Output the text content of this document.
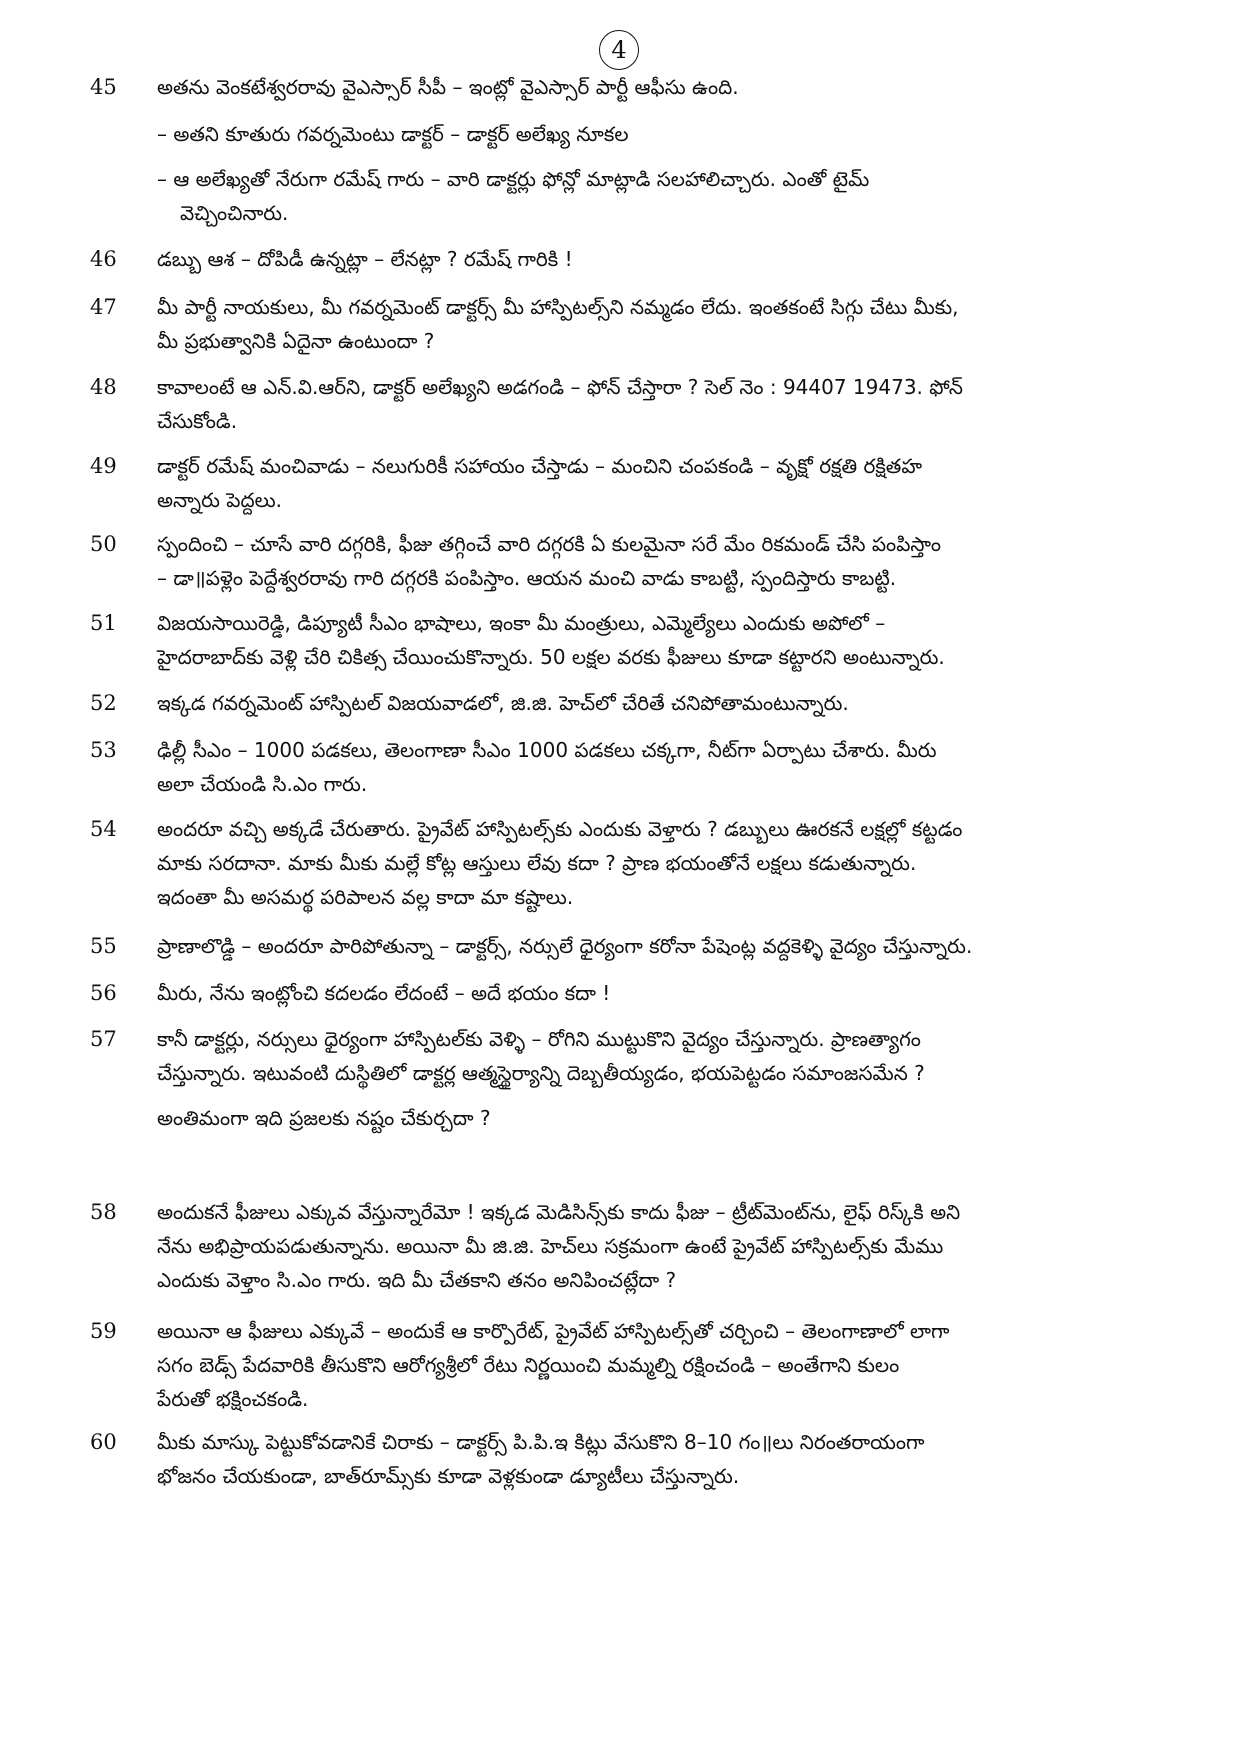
4
45	అతను వెంకటేశ్వరరావు వైఎస్సార్ సీపీ – ఇంట్లో వైఎస్సార్ పార్టీ ఆఫీసు ఉంది.
– అతని కూతురు గవర్నమెంటు డాక్టర్ – డాక్టర్ అలేఖ్య నూకల
– ఆ అలేఖ్యతో నేరుగా రమేష్ గారు – వారి డాక్టర్లు ఫోన్లో మాట్లాడి సలహాలిచ్చారు. ఎంతో టైమ్
వెచ్చించినారు.
46	డబ్బు ఆశ – దోపిడీ ఉన్నట్లా – లేనట్లా ? రమేష్ గారికి !
47	మీ పార్టీ నాయకులు, మీ గవర్నమెంట్ డాక్టర్స్ మీ హాస్పిటల్స్‌ని నమ్మడం లేదు. ఇంతకంటే సిగ్గు చేటు మీకు,
మీ ప్రభుత్వానికి ఏదైనా ఉంటుందా ?
48	కావాలంటే ఆ ఎన్.వి.ఆర్‌ని, డాక్టర్ అలేఖ్యని అడగండి – ఫోన్ చేస్తారా ? సెల్ నెం : 94407 19473. ఫోన్
చేసుకోండి.
49	డాక్టర్ రమేష్ మంచివాడు – నలుగురికీ సహాయం చేస్తాడు – మంచిని చంపకండి – వృక్షో రక్షతి రక్షితహ
అన్నారు పెద్దలు.
50	స్పందించి – చూసే వారి దగ్గరికి, ఫీజు తగ్గించే వారి దగ్గరకి ఏ కులమైనా సరే మేం రికమండ్ చేసి పంపిస్తాం
– డా॥పళ్లెం పెద్దేశ్వరరావు గారి దగ్గరకి పంపిస్తాం. ఆయన మంచి వాడు కాబట్టి, స్పందిస్తారు కాబట్టి.
51	విజయసాయిరెడ్డి, డిప్యూటీ సీఎం భాషాలు, ఇంకా మీ మంత్రులు, ఎమ్మెల్యేలు ఎందుకు అపోలో –
హైదరాబాద్‌కు వెళ్లి చేరి చికిత్స చేయించుకొన్నారు. 50 లక్షల వరకు ఫీజులు కూడా కట్టారని అంటున్నారు.
52	ఇక్కడ గవర్నమెంట్ హాస్పిటల్ విజయవాడలో, జి.జి. హెచ్‌లో చేరితే చనిపోతామంటున్నారు.
53	ఢిల్లీ సీఎం – 1000 పడకలు, తెలంగాణా సీఎం 1000 పడకలు చక్కగా, నీట్‌గా ఏర్పాటు చేశారు. మీరు
అలా చేయండి సి.ఎం గారు.
54	అందరూ వచ్చి అక్కడే చేరుతారు. ప్రైవేట్ హాస్పిటల్స్‌కు ఎందుకు వెళ్తారు ? డబ్బులు ఊరకనే లక్షల్లో కట్టడం
మాకు సరదానా. మాకు మీకు మల్లే కోట్ల ఆస్తులు లేవు కదా ? ప్రాణ భయంతోనే లక్షలు కడుతున్నారు.
ఇదంతా మీ అసమర్థ పరిపాలన వల్ల కాదా మా కష్టాలు.
55	ప్రాణాలొడ్డి – అందరూ పారిపోతున్నా – డాక్టర్స్, నర్సులే ధైర్యంగా కరోనా పేషెంట్ల వద్దకెళ్ళి వైద్యం చేస్తున్నారు.
56	మీరు, నేను ఇంట్లోంచి కదలడం లేదంటే – అదే భయం కదా !
57	కానీ డాక్టర్లు, నర్సులు ధైర్యంగా హాస్పిటల్‌కు వెళ్ళి – రోగిని ముట్టుకొని వైద్యం చేస్తున్నారు. ప్రాణత్యాగం
చేస్తున్నారు. ఇటువంటి దుస్థితిలో డాక్టర్ల ఆత్మస్థైర్యాన్ని దెబ్బతీయ్యడం, భయపెట్టడం సమాంజసమేన ?
అంతిమంగా ఇది ప్రజలకు నష్టం చేకుర్చదా ?
58	అందుకనే ఫీజులు ఎక్కువ వేస్తున్నారేమో ! ఇక్కడ మెడిసిన్స్‌కు కాదు ఫీజు – ట్రీట్‌మెంట్‌ను, లైఫ్ రిస్క్‌కి అని
నేను అభిప్రాయపడుతున్నాను. అయినా మీ జి.జి. హెచ్‌లు సక్రమంగా ఉంటే ప్రైవేట్ హాస్పిటల్స్‌కు మేము
ఎందుకు వెళ్తాం సి.ఎం గారు. ఇది మీ చేతకాని తనం అనిపించట్లేదా ?
59	అయినా ఆ ఫీజులు ఎక్కువే – అందుకే ఆ కార్పొరేట్, ప్రైవేట్ హాస్పిటల్స్‌తో చర్చించి – తెలంగాణాలో లాగా
సగం బెడ్స్ పేదవారికి తీసుకొని ఆరోగ్యశ్రీలో రేటు నిర్ణయించి మమ్మల్ని రక్షించండి – అంతేగాని కులం
పేరుతో భక్షించకండి.
60	మీకు మాస్కు పెట్టుకోవడానికే చిరాకు – డాక్టర్స్ పి.పి.ఇ కిట్లు వేసుకొని 8–10 గం॥లు నిరంతరాయంగా
భోజనం చేయకుండా, బాత్‌రూమ్స్‌కు కూడా వెళ్లకుండా డ్యూటీలు చేస్తున్నారు.
